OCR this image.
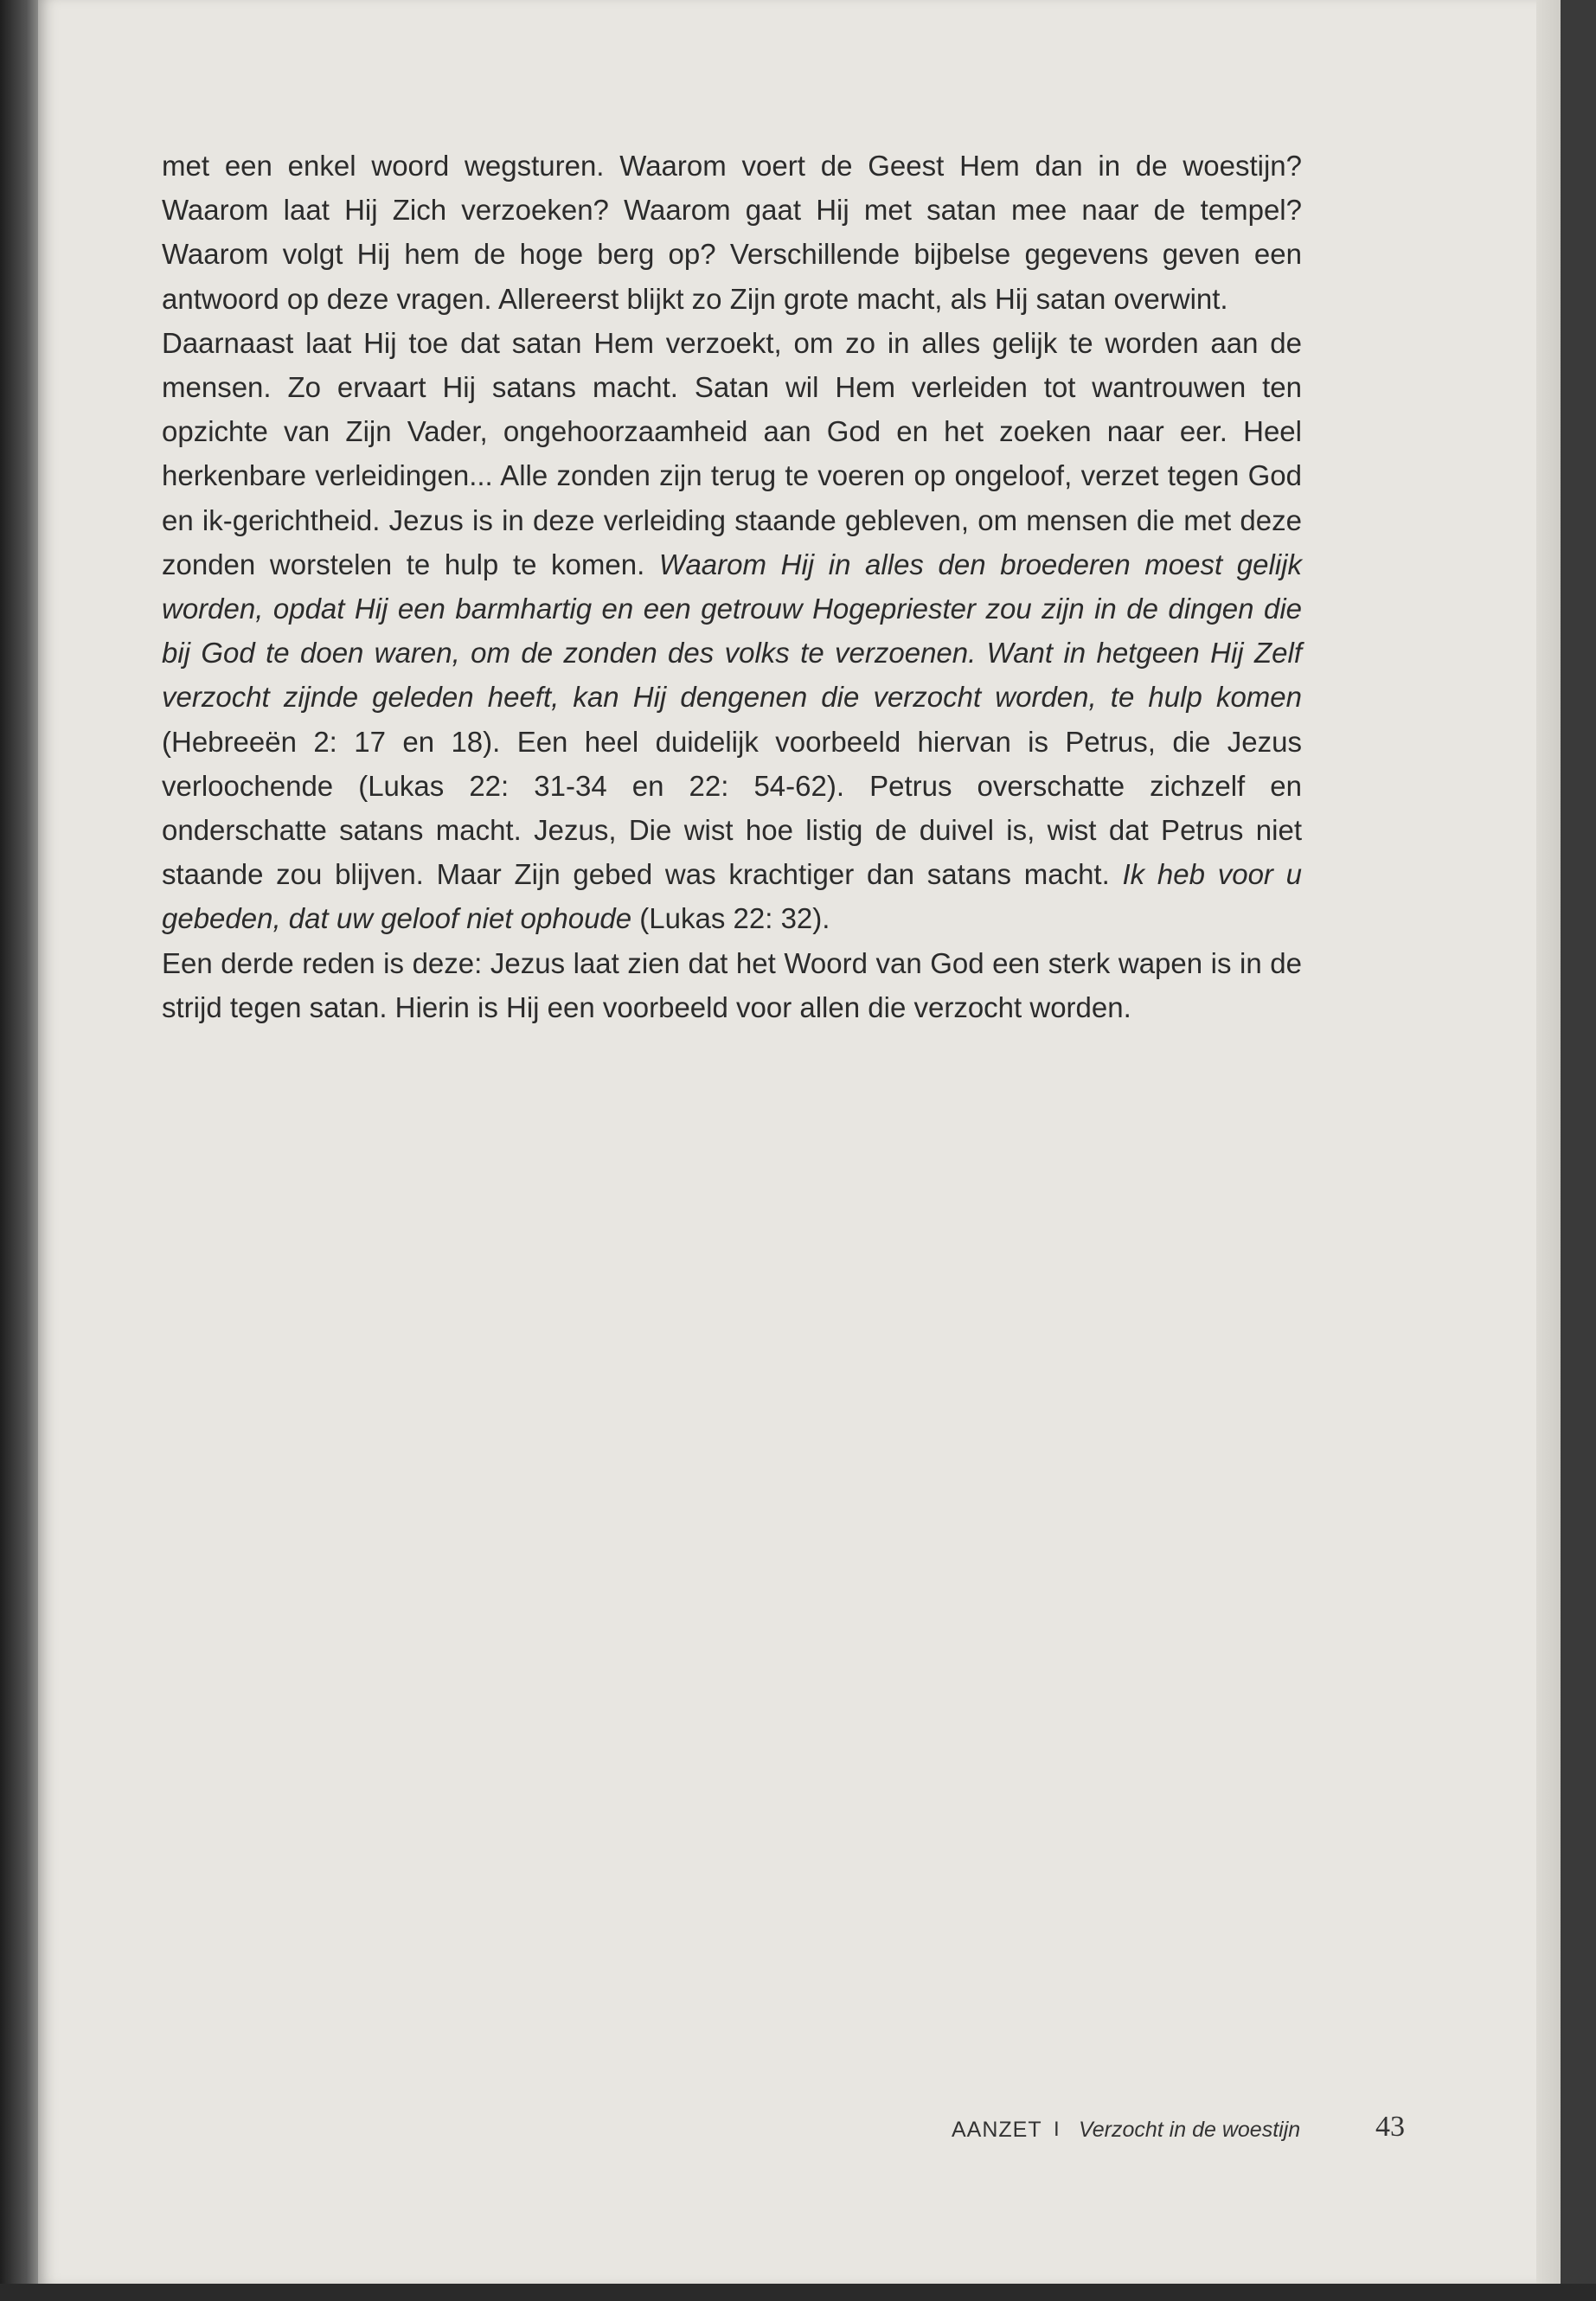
met een enkel woord wegsturen. Waarom voert de Geest Hem dan in de woestijn? Waarom laat Hij Zich verzoeken? Waarom gaat Hij met satan mee naar de tempel? Waarom volgt Hij hem de hoge berg op? Verschillende bijbelse gegevens geven een antwoord op deze vragen. Allereerst blijkt zo Zijn grote macht, als Hij satan overwint.

Daarnaast laat Hij toe dat satan Hem verzoekt, om zo in alles gelijk te worden aan de mensen. Zo ervaart Hij satans macht. Satan wil Hem verleiden tot wantrouwen ten opzichte van Zijn Vader, ongehoorzaamheid aan God en het zoeken naar eer. Heel herkenbare verleidingen... Alle zonden zijn terug te voeren op ongeloof, verzet tegen God en ik-gerichtheid. Jezus is in deze verleiding staande gebleven, om mensen die met deze zonden worstelen te hulp te komen. Waarom Hij in alles den broederen moest gelijk worden, opdat Hij een barmhartig en een getrouw Hogepriester zou zijn in de dingen die bij God te doen waren, om de zonden des volks te verzoenen. Want in hetgeen Hij Zelf verzocht zijnde geleden heeft, kan Hij dengenen die verzocht worden, te hulp komen (Hebreeën 2: 17 en 18). Een heel duidelijk voorbeeld hiervan is Petrus, die Jezus verloochende (Lukas 22: 31-34 en 22: 54-62). Petrus overschatte zichzelf en onderschatte satans macht. Jezus, Die wist hoe listig de duivel is, wist dat Petrus niet staande zou blijven. Maar Zijn gebed was krachtiger dan satans macht. Ik heb voor u gebeden, dat uw geloof niet ophoude (Lukas 22: 32).

Een derde reden is deze: Jezus laat zien dat het Woord van God een sterk wapen is in de strijd tegen satan. Hierin is Hij een voorbeeld voor allen die verzocht worden.

AANZET I Verzocht in de woestijn	43
